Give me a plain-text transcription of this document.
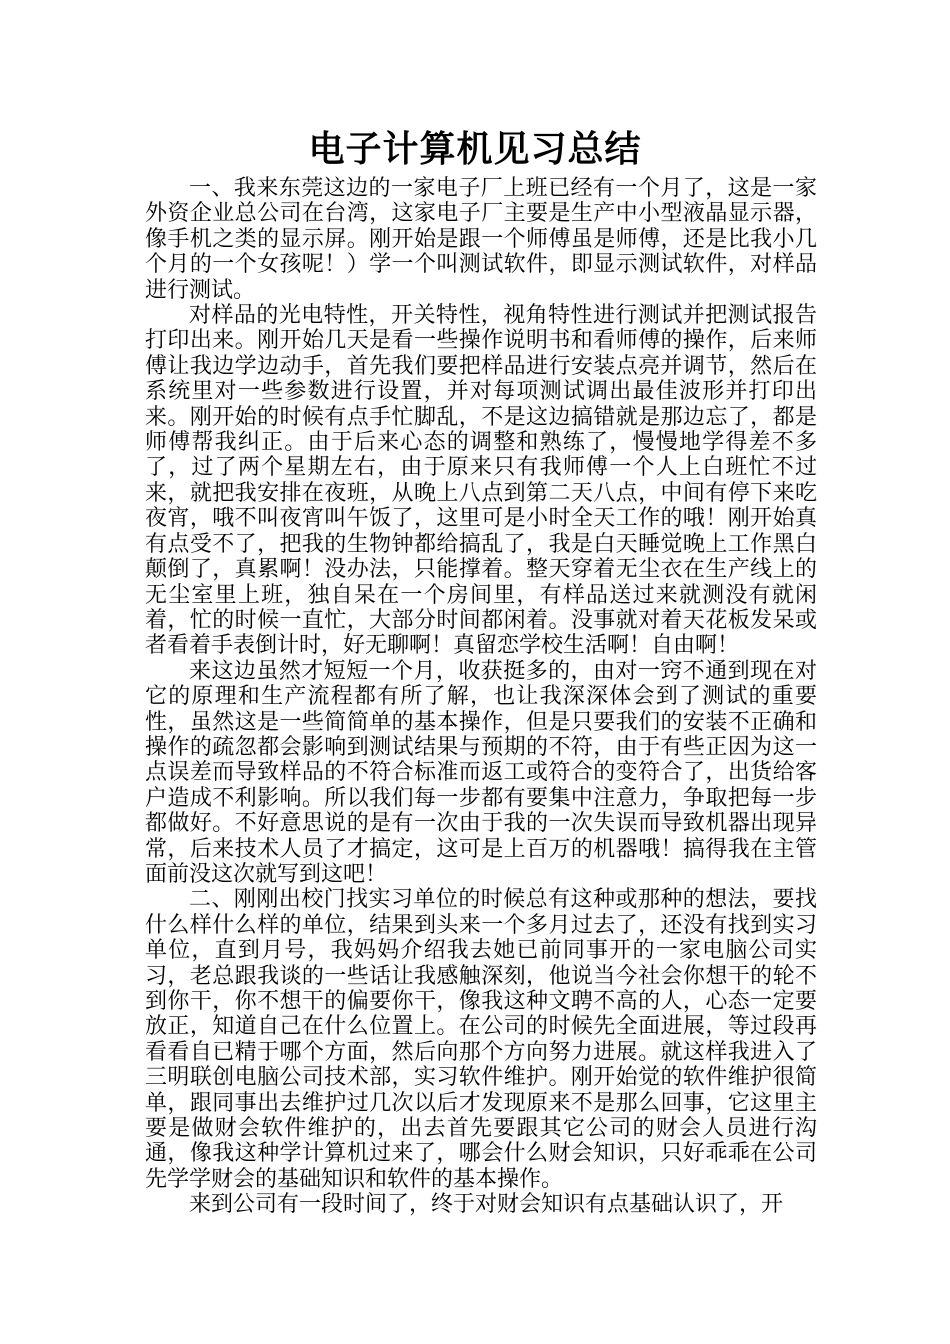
电子计算机见习总结

一、我来东莞这边的一家电子厂上班已经有一个月了，这是一家外资企业总公司在台湾，这家电子厂主要是生产中小型液晶显示器，像手机之类的显示屏。刚开始是跟一个师傅虽是师傅，还是比我小几个月的一个女孩呢！）学一个叫测试软件，即显示测试软件，对样品进行测试。

对样品的光电特性，开关特性，视角特性进行测试并把测试报告打印出来。刚开始几天是看一些操作说明书和看师傅的操作，后来师傅让我边学边动手，首先我们要把样品进行安装点亮并调节，然后在系统里对一些参数进行设置，并对每项测试调出最佳波形并打印出来。刚开始的时候有点手忙脚乱，不是这边搞错就是那边忘了，都是师傅帮我纠正。由于后来心态的调整和熟练了，慢慢地学得差不多了，过了两个星期左右，由于原来只有我师傅一个人上白班忙不过来，就把我安排在夜班，从晚上八点到第二天八点，中间有停下来吃夜宵，哦不叫夜宵叫午饭了，这里可是小时全天工作的哦！刚开始真有点受不了，把我的生物钟都给搞乱了，我是白天睡觉晚上工作黑白颠倒了，真累啊！没办法，只能撑着。整天穿着无尘衣在生产线上的无尘室里上班，独自呆在一个房间里，有样品送过来就测没有就闲着，忙的时候一直忙，大部分时间都闲着。没事就对着天花板发呆或者看着手表倒计时，好无聊啊！真留恋学校生活啊！自由啊！

来这边虽然才短短一个月，收获挺多的，由对一窍不通到现在对它的原理和生产流程都有所了解，也让我深深体会到了测试的重要性，虽然这是一些简简单的基本操作，但是只要我们的安装不正确和操作的疏忽都会影响到测试结果与预期的不符，由于有些正因为这一点误差而导致样品的不符合标准而返工或符合的变符合了，出货给客户造成不利影响。所以我们每一步都有要集中注意力，争取把每一步都做好。不好意思说的是有一次由于我的一次失误而导致机器出现异常，后来技术人员了才搞定，这可是上百万的机器哦！搞得我在主管面前没这次就写到这吧！

二、刚刚出校门找实习单位的时候总有这种或那种的想法，要找什么样什么样的单位，结果到头来一个多月过去了，还没有找到实习单位，直到月号，我妈妈介绍我去她已前同事开的一家电脑公司实习，老总跟我谈的一些话让我感触深刻，他说当今社会你想干的轮不到你干，你不想干的偏要你干，像我这种文聘不高的人，心态一定要放正，知道自己在什么位置上。在公司的时候先全面进展，等过段再看看自已精于哪个方面，然后向那个方向努力进展。就这样我进入了三明联创电脑公司技术部，实习软件维护。刚开始觉的软件维护很简单，跟同事出去维护过几次以后才发现原来不是那么回事，它这里主要是做财会软件维护的，出去首先要跟其它公司的财会人员进行沟通，像我这种学计算机过来了，哪会什么财会知识，只好乖乖在公司先学学财会的基础知识和软件的基本操作。

来到公司有一段时间了，终于对财会知识有点基础认识了，开
